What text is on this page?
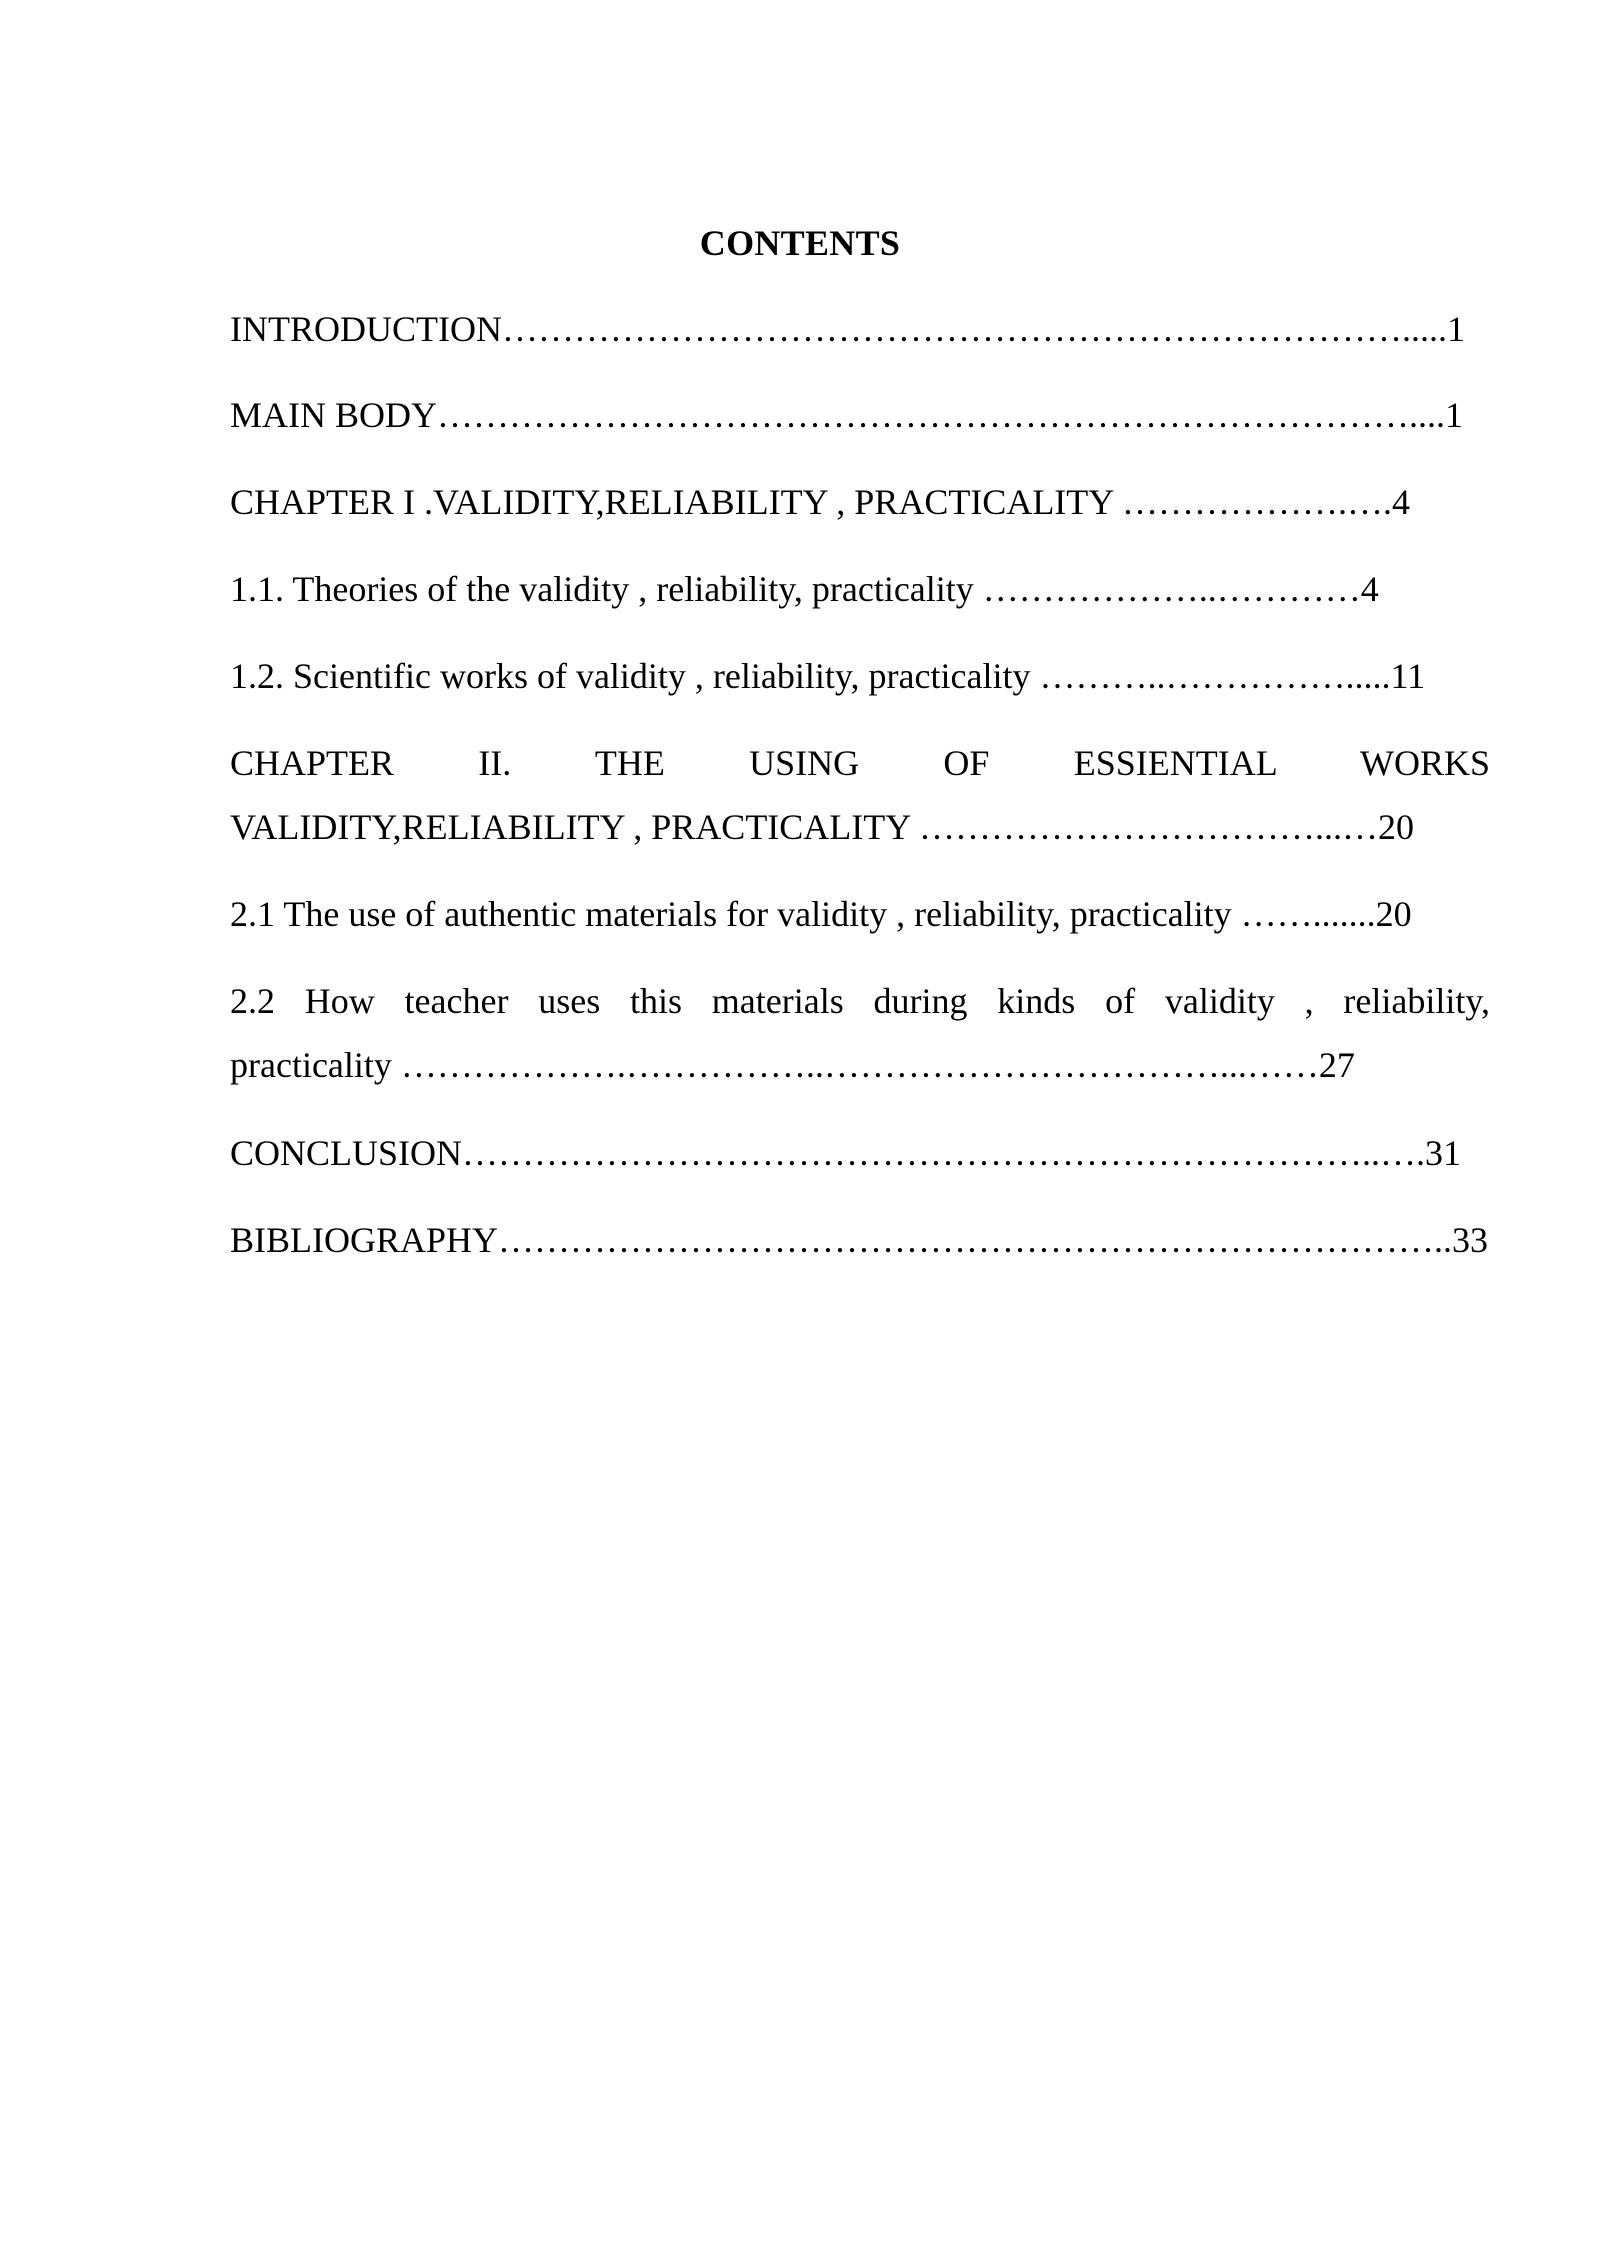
CONTENTS
INTRODUCTION………………………………………………………………….....1
MAIN BODY………………………………………………………………………....1
CHAPTER I .VALIDITY,RELIABILITY , PRACTICALITY ……………….….4
1.1. Theories of the validity , reliability, practicality ………………..…………4
1.2. Scientific works of validity , reliability, practicality ………..…………….....11
CHAPTER II. THE USING OF ESSIENTIAL WORKS
VALIDITY,RELIABILITY , PRACTICALITY ……………………………...…20
2.1 The use of authentic materials for validity , reliability, practicality …….......20
2.2 How teacher uses this materials during kinds of validity , reliability,
practicality ……………….……………..……………………………...……27
CONCLUSION…………………………………………………………………..….31
BIBLIOGRAPHY……………………………………………………………………..33
